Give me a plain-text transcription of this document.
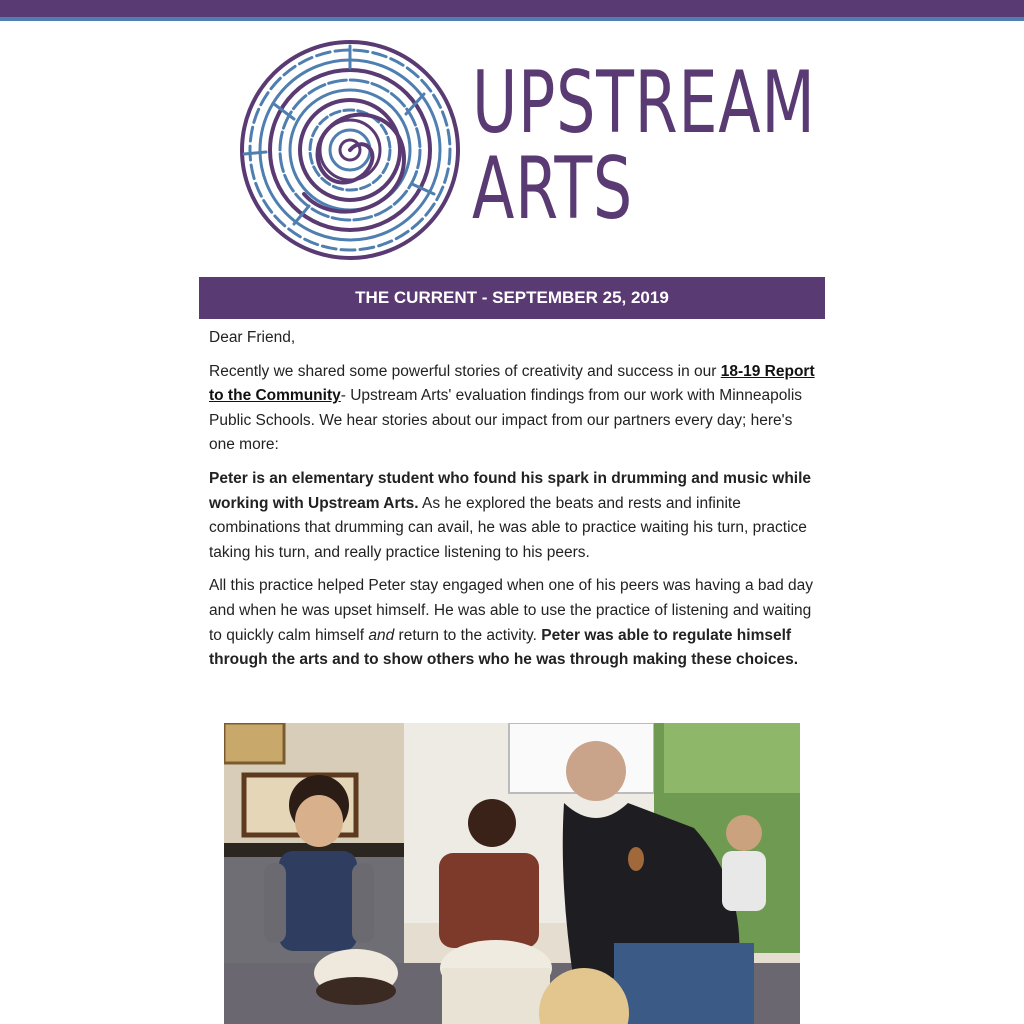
UPSTREAM
ARTS
THE CURRENT - SEPTEMBER 25, 2019

Dear Friend,

Recently we shared some powerful stories of creativity and success in our 18-19 Report to the Community- Upstream Arts' evaluation findings from our work with Minneapolis Public Schools. We hear stories about our impact from our partners every day; here's one more:

Peter is an elementary student who found his spark in drumming and music while working with Upstream Arts. As he explored the beats and rests and infinite combinations that drumming can avail, he was able to practice waiting his turn, practice taking his turn, and really practice listening to his peers.

All this practice helped Peter stay engaged when one of his peers was having a bad day and when he was upset himself. He was able to use the practice of listening and waiting to quickly calm himself and return to the activity. Peter was able to regulate himself through the arts and to show others who he was through making these choices.
